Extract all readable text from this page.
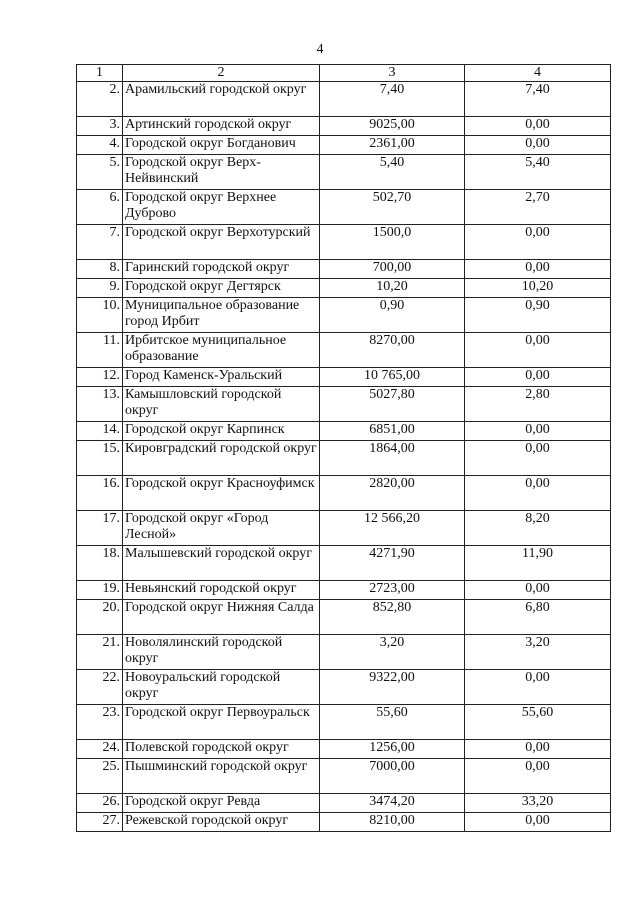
4
1	2	3	4
2.	Арамильский городской округ	7,40	7,40
3.	Артинский городской округ	9025,00	0,00
4.	Городской округ Богданович	2361,00	0,00
5.	Городской округ Верх-Нейвинский	5,40	5,40
6.	Городской округ Верхнее Дуброво	502,70	2,70
7.	Городской округ Верхотурский	1500,0	0,00
8.	Гаринский городской округ	700,00	0,00
9.	Городской округ Дегтярск	10,20	10,20
10.	Муниципальное образование город Ирбит	0,90	0,90
11.	Ирбитское муниципальное образование	8270,00	0,00
12.	Город Каменск-Уральский	10 765,00	0,00
13.	Камышловский городской округ	5027,80	2,80
14.	Городской округ Карпинск	6851,00	0,00
15.	Кировградский городской округ	1864,00	0,00
16.	Городской округ Красноуфимск	2820,00	0,00
17.	Городской округ «Город Лесной»	12 566,20	8,20
18.	Малышевский городской округ	4271,90	11,90
19.	Невьянский городской округ	2723,00	0,00
20.	Городской округ Нижняя Салда	852,80	6,80
21.	Новолялинский городской округ	3,20	3,20
22.	Новоуральский городской округ	9322,00	0,00
23.	Городской округ Первоуральск	55,60	55,60
24.	Полевской городской округ	1256,00	0,00
25.	Пышминский городской округ	7000,00	0,00
26.	Городской округ Ревда	3474,20	33,20
27.	Режевской городской округ	8210,00	0,00
